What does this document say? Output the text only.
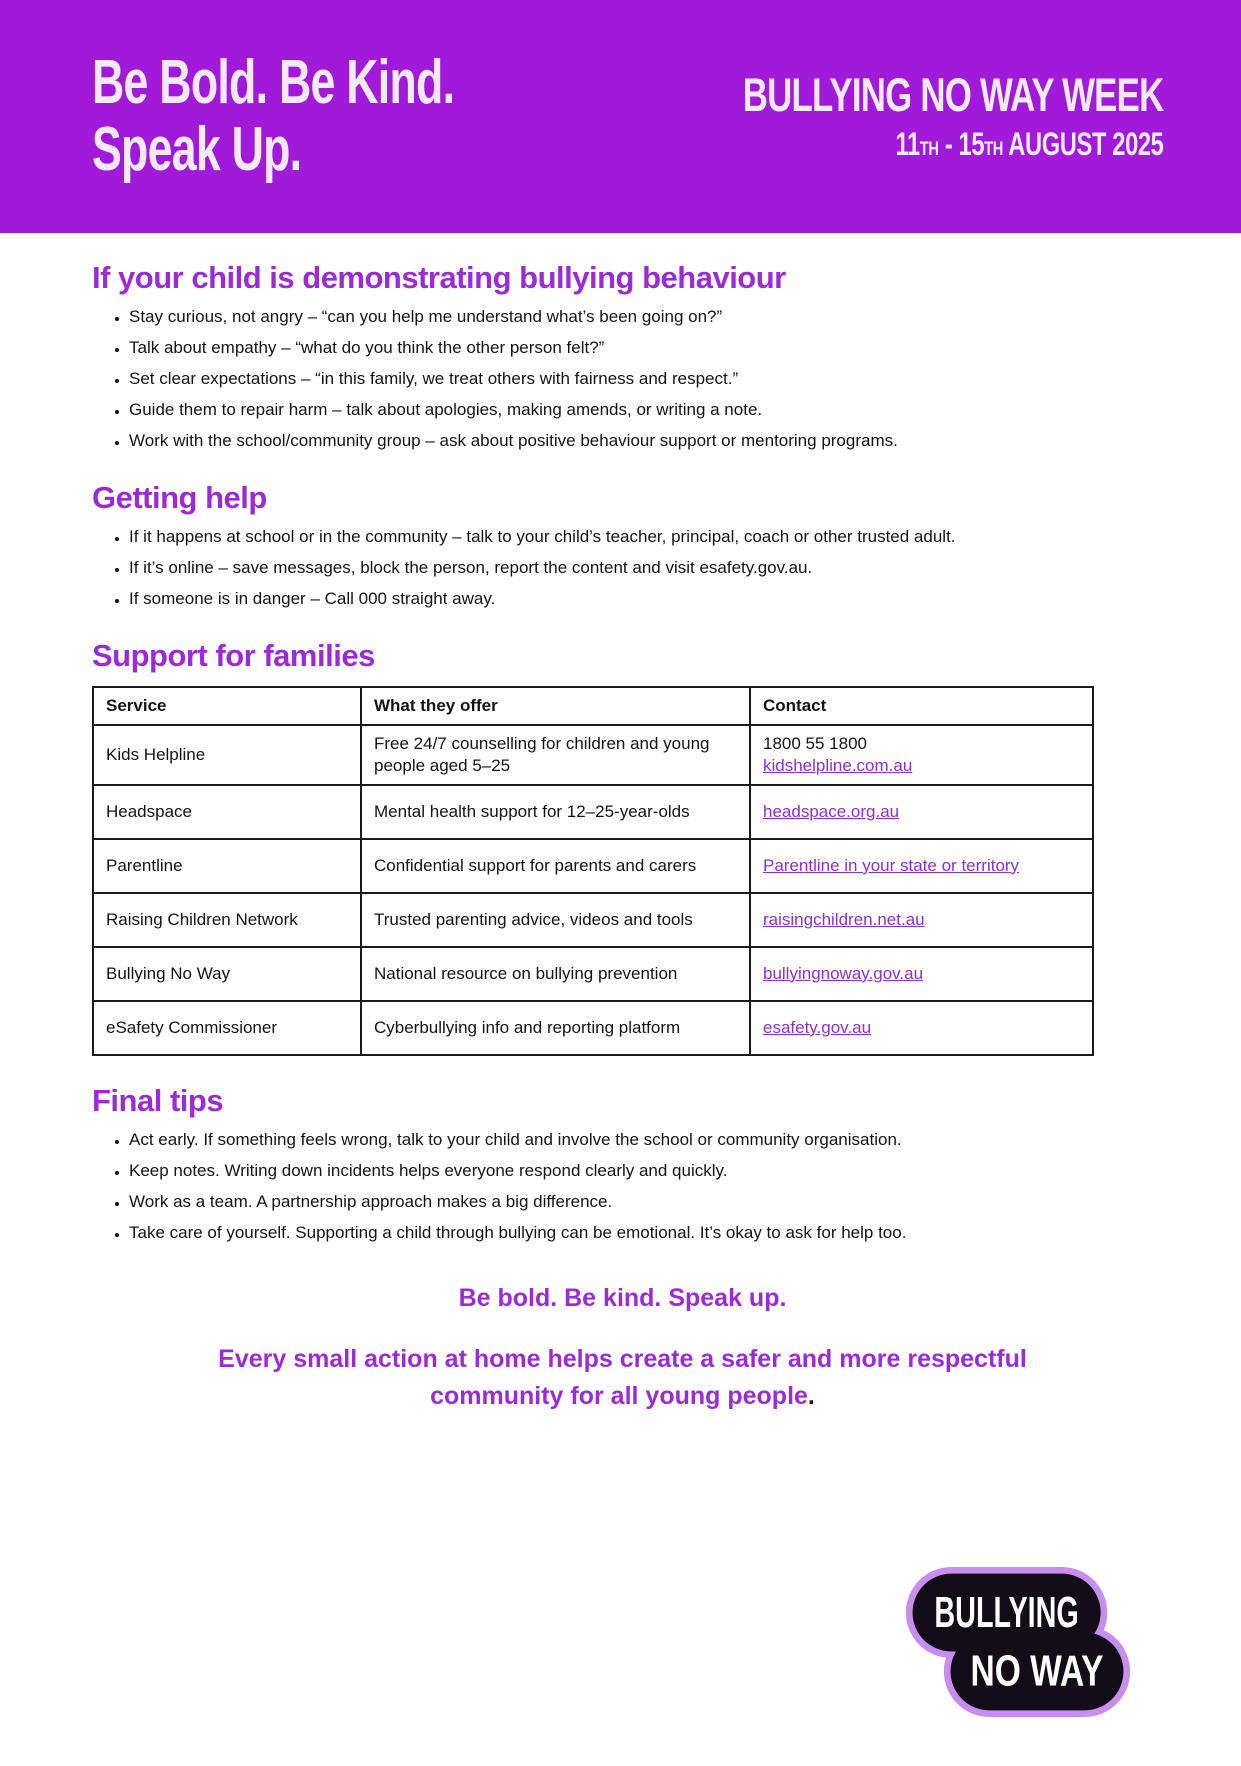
Be Bold. Be Kind.
Speak Up.
BULLYING NO WAY WEEK
11TH - 15TH AUGUST 2025
If your child is demonstrating bullying behaviour
• Stay curious, not angry – “can you help me understand what’s been going on?”
• Talk about empathy – “what do you think the other person felt?”
• Set clear expectations – “in this family, we treat others with fairness and respect.”
• Guide them to repair harm – talk about apologies, making amends, or writing a note.
• Work with the school/community group – ask about positive behaviour support or mentoring programs.
Getting help
• If it happens at school or in the community – talk to your child’s teacher, principal, coach or other trusted adult.
• If it’s online – save messages, block the person, report the content and visit esafety.gov.au.
• If someone is in danger – Call 000 straight away.
Support for families
Service	What they offer	Contact
Kids Helpline	Free 24/7 counselling for children and young people aged 5–25	1800 55 1800
kidshelpline.com.au
Headspace	Mental health support for 12–25-year-olds	headspace.org.au
Parentline	Confidential support for parents and carers	Parentline in your state or territory
Raising Children Network	Trusted parenting advice, videos and tools	raisingchildren.net.au
Bullying No Way	National resource on bullying prevention	bullyingnoway.gov.au
eSafety Commissioner	Cyberbullying info and reporting platform	esafety.gov.au
Final tips
• Act early. If something feels wrong, talk to your child and involve the school or community organisation.
• Keep notes. Writing down incidents helps everyone respond clearly and quickly.
• Work as a team. A partnership approach makes a big difference.
• Take care of yourself. Supporting a child through bullying can be emotional. It’s okay to ask for help too.
Be bold. Be kind. Speak up.
Every small action at home helps create a safer and more respectful community for all young people.
BULLYING
NO WAY
